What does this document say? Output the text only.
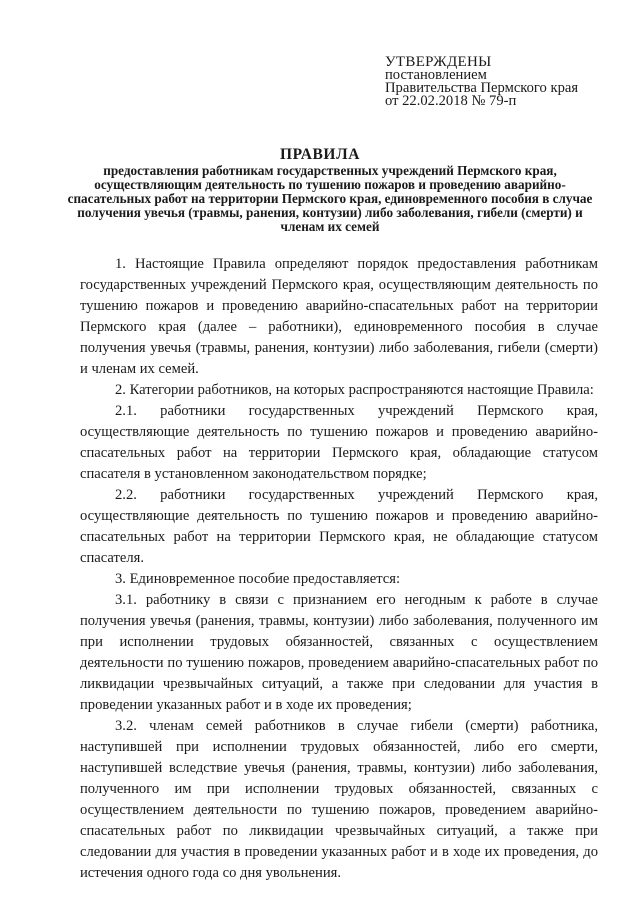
УТВЕРЖДЕНЫ
постановлением
Правительства Пермского края
от 22.02.2018 № 79-п
ПРАВИЛА
предоставления работникам государственных учреждений Пермского края, осуществляющим деятельность по тушению пожаров и проведению аварийно-спасательных работ на территории Пермского края, единовременного пособия в случае получения увечья (травмы, ранения, контузии) либо заболевания, гибели (смерти) и членам их семей

1. Настоящие Правила определяют порядок предоставления работникам государственных учреждений Пермского края, осуществляющим деятельность по тушению пожаров и проведению аварийно-спасательных работ на территории Пермского края (далее – работники), единовременного пособия в случае получения увечья (травмы, ранения, контузии) либо заболевания, гибели (смерти) и членам их семей.

2. Категории работников, на которых распространяются настоящие Правила:

2.1. работники государственных учреждений Пермского края, осуществляющие деятельность по тушению пожаров и проведению аварийно-спасательных работ на территории Пермского края, обладающие статусом спасателя в установленном законодательством порядке;

2.2. работники государственных учреждений Пермского края, осуществляющие деятельность по тушению пожаров и проведению аварийно-спасательных работ на территории Пермского края, не обладающие статусом спасателя.

3. Единовременное пособие предоставляется:

3.1. работнику в связи с признанием его негодным к работе в случае получения увечья (ранения, травмы, контузии) либо заболевания, полученного им при исполнении трудовых обязанностей, связанных с осуществлением деятельности по тушению пожаров, проведением аварийно-спасательных работ по ликвидации чрезвычайных ситуаций, а также при следовании для участия в проведении указанных работ и в ходе их проведения;

3.2. членам семей работников в случае гибели (смерти) работника, наступившей при исполнении трудовых обязанностей, либо его смерти, наступившей вследствие увечья (ранения, травмы, контузии) либо заболевания, полученного им при исполнении трудовых обязанностей, связанных с осуществлением деятельности по тушению пожаров, проведением аварийно-спасательных работ по ликвидации чрезвычайных ситуаций, а также при следовании для участия в проведении указанных работ и в ходе их проведения, до истечения одного года со дня увольнения.
